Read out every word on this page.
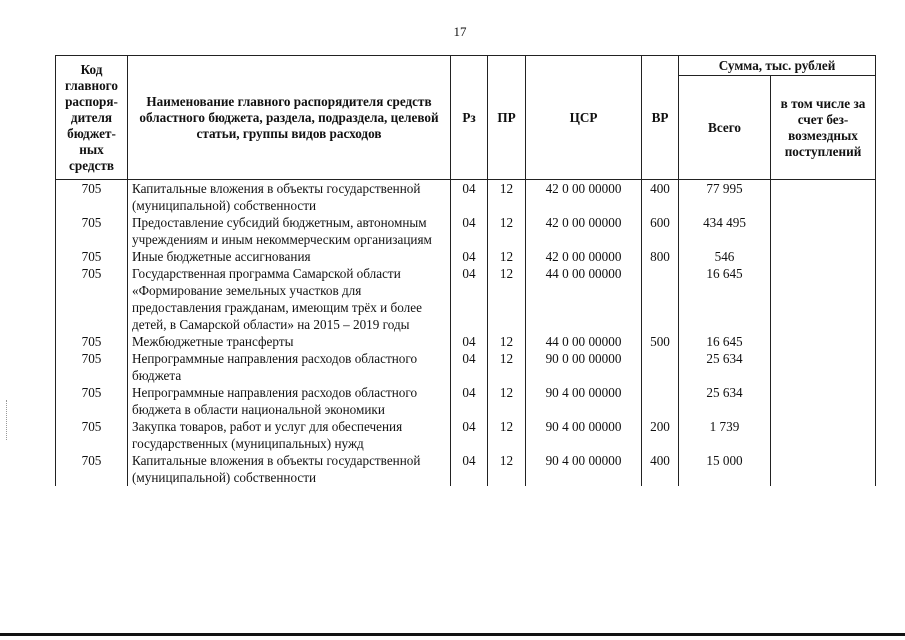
17
Код главного распоря-дителя бюджет-ных средств	Наименование главного распорядителя средств областного бюджета, раздела, подраздела, целевой статьи, группы видов расходов	Рз	ПР	ЦСР	ВР	Сумма, тыс. рублей	
						Всего	в том числе за счет без-возмездных поступлений
705	Капитальные вложения в объекты государственной (муниципальной) собственности	04	12	42 0 00 00000	400	77 995	
705	Предоставление субсидий бюджетным, автономным учреждениям и иным некоммерческим организациям	04	12	42 0 00 00000	600	434 495	
705	Иные бюджетные ассигнования	04	12	42 0 00 00000	800	546	
705	Государственная программа Самарской области «Формирование земельных участков для предоставления гражданам, имеющим трёх и более детей, в Самарской области» на 2015 – 2019 годы	04	12	44 0 00 00000		16 645	
705	Межбюджетные трансферты	04	12	44 0 00 00000	500	16 645	
705	Непрограммные направления расходов областного бюджета	04	12	90 0 00 00000		25 634	
705	Непрограммные направления расходов областного бюджета в области национальной экономики	04	12	90 4 00 00000		25 634	
705	Закупка товаров, работ и услуг для обеспечения государственных (муниципальных) нужд	04	12	90 4 00 00000	200	1 739	
705	Капитальные вложения в объекты государственной (муниципальной) собственности	04	12	90 4 00 00000	400	15 000	
